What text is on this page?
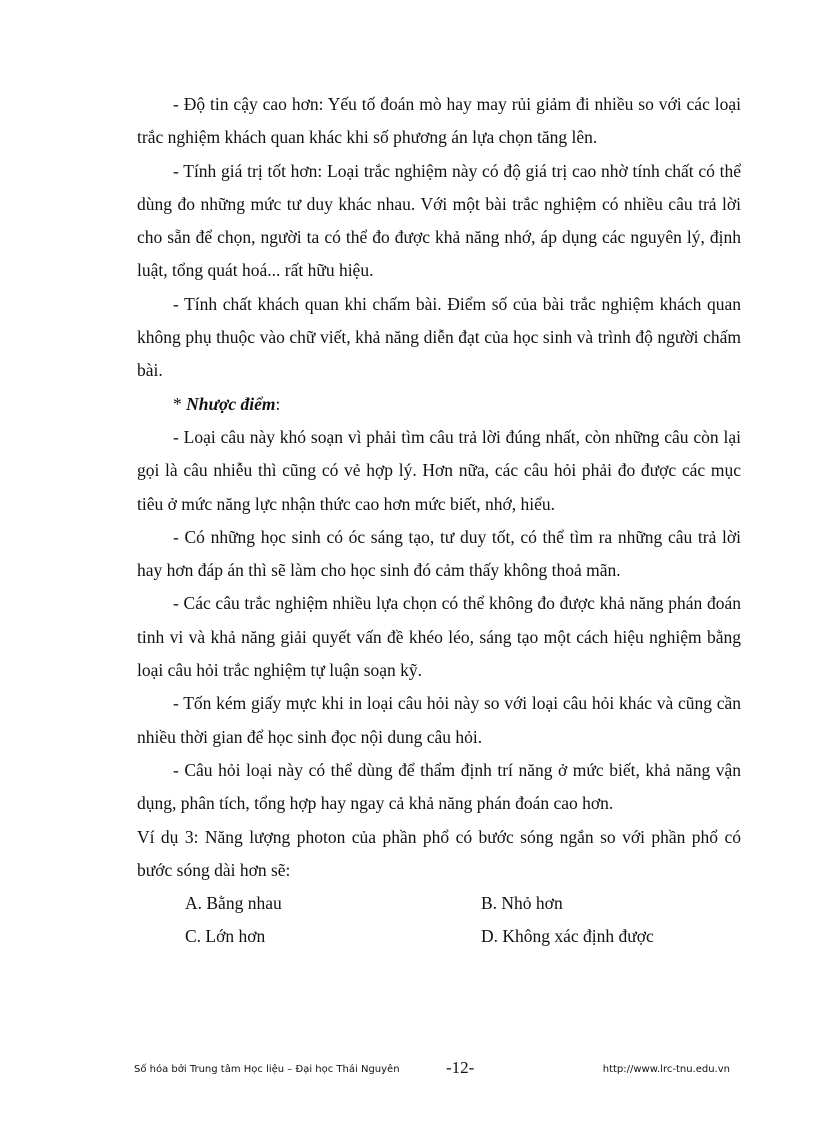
- Độ tin cậy cao hơn: Yếu tố đoán mò hay may rủi giảm đi nhiều so với các loại trắc nghiệm khách quan khác khi số phương án lựa chọn tăng lên.

- Tính giá trị tốt hơn: Loại trắc nghiệm này có độ giá trị cao nhờ tính chất có thể dùng đo những mức tư duy khác nhau. Với một bài trắc nghiệm có nhiều câu trả lời cho sẵn để chọn, người ta có thể đo được khả năng nhớ, áp dụng các nguyên lý, định luật, tổng quát hoá... rất hữu hiệu.

- Tính chất khách quan khi chấm bài. Điểm số của bài trắc nghiệm khách quan không phụ thuộc vào chữ viết, khả năng diễn đạt của học sinh và trình độ người chấm bài.

* Nhược điểm:

- Loại câu này khó soạn vì phải tìm câu trả lời đúng nhất, còn những câu còn lại gọi là câu nhiễu thì cũng có vẻ hợp lý. Hơn nữa, các câu hỏi phải đo được các mục tiêu ở mức năng lực nhận thức cao hơn mức biết, nhớ, hiểu.

- Có những học sinh có óc sáng tạo, tư duy tốt, có thể tìm ra những câu trả lời hay hơn đáp án thì sẽ làm cho học sinh đó cảm thấy không thoả mãn.

- Các câu trắc nghiệm nhiều lựa chọn có thể không đo được khả năng phán đoán tinh vi và khả năng giải quyết vấn đề khéo léo, sáng tạo một cách hiệu nghiệm bằng loại câu hỏi trắc nghiệm tự luận soạn kỹ.

- Tốn kém giấy mực khi in loại câu hỏi này so với loại câu hỏi khác và cũng cần nhiều thời gian để học sinh đọc nội dung câu hỏi.

- Câu hỏi loại này có thể dùng để thẩm định trí năng ở mức biết, khả năng vận dụng, phân tích, tổng hợp hay ngay cả khả năng phán đoán cao hơn.

Ví dụ 3: Năng lượng photon của phần phổ có bước sóng ngắn so với phần phổ có bước sóng dài hơn sẽ:

A. Bằng nhau	B. Nhỏ hơn
C. Lớn hơn	D. Không xác định được
Số hóa bởi Trung tâm Học liệu – Đại học Thái Nguyên	-12-	http://www.lrc-tnu.edu.vn
